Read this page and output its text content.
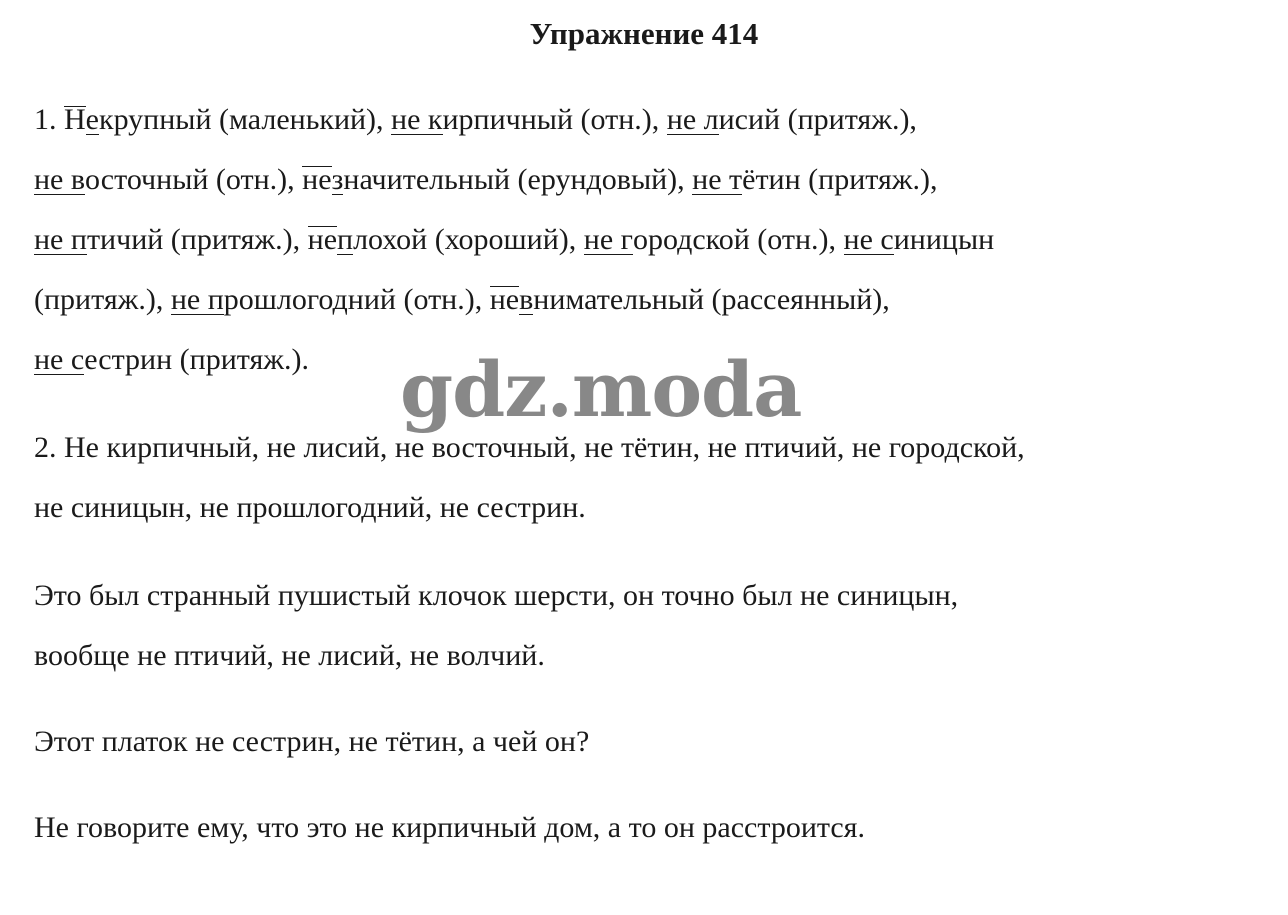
Упражнение 414
1. Некрупный (маленький), не кирпичный (отн.), не лисий (притяж.),
не восточный (отн.), незначительный (ерундовый), не тётин (притяж.),
не птичий (притяж.), неплохой (хороший), не городской (отн.), не синицын
(притяж.), не прошлогодний (отн.), невнимательный (рассеянный),
не сестрин (притяж.).
2. Не кирпичный, не лисий, не восточный, не тётин, не птичий, не городской,
не синицын, не прошлогодний, не сестрин.
Это был странный пушистый клочок шерсти, он точно был не синицын,
вообще не птичий, не лисий, не волчий.
Этот платок не сестрин, не тётин, а чей он?
Не говорите ему, что это не кирпичный дом, а то он расстроится.
gdz.moda
